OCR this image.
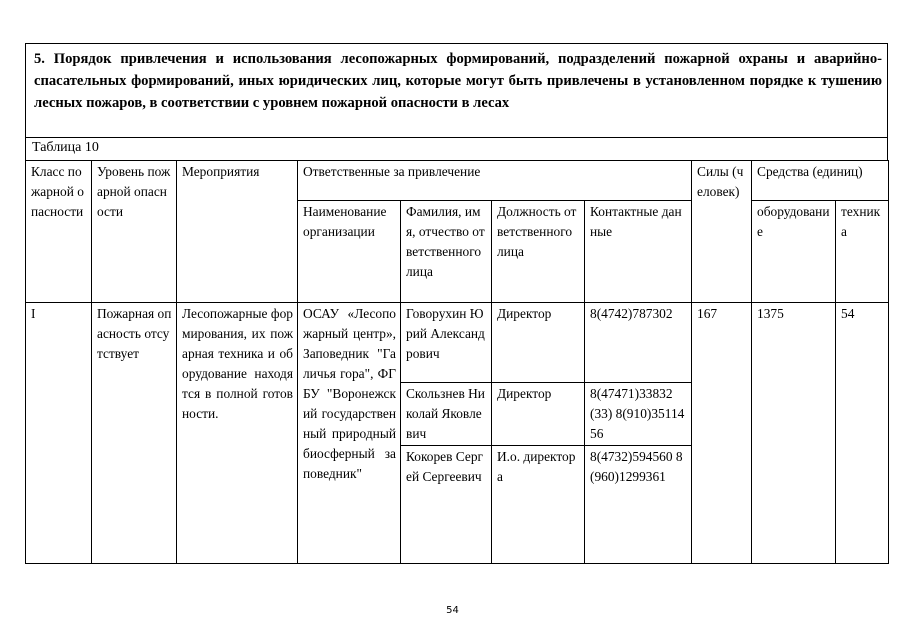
5. Порядок привлечения и использования лесопожарных формирований, подразделений пожарной охраны и аварийно-спасательных формирований, иных юридических лиц, которые могут быть привлечены в установленном порядке к тушению лесных пожаров, в соответствии с уровнем пожарной опасности в лесах
Таблица 10
Класс пожарной опасности	Уровень пожарной опасности	Мероприятия	Ответственные за привлечение				Силы (человек)	Средства (единиц)	
			Наименование организации	Фамилия, имя, отчество ответственного лица	Должность ответственного лица	Контактные данные		оборудование	техника
I	Пожарная опасность отсутствует	Лесопожарные формирования, их пожарная техника и оборудование находятся в полной готовности.	ОСАУ «Лесопожарный центр», Заповедник "Галичья гора", ФГБУ "Воронежский государственный природный биосферный заповедник"	Говорухин Юрий Александрович	Директор	8(4742)787302	167	1375	54
				Скользнев Николай Яковлевич	Директор	8(47471)33832 (33) 8(910)3511456			
				Кокорев Сергей Сергеевич	И.о. директора	8(4732)594560 8(960)1299361			
54
